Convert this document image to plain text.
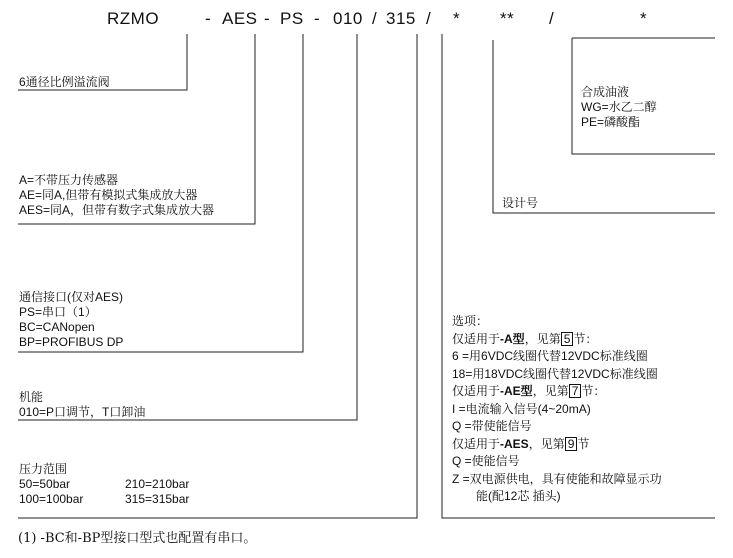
RZMO	- AES - PS - 010 / 315 / * ** /	*
6通径比例溢流阀
A=不带压力传感器
AE=同A,但带有模拟式集成放大器
AES=同A，但带有数字式集成放大器
通信接口(仅对AES)
PS=串口（1）
BC=CANopen
BP=PROFIBUS DP
机能
010=P口调节，T口卸油
压力范围
50=50bar	210=210bar
100=100bar	315=315bar
合成油液
WG=水乙二醇
PE=磷酸酯
设计号
选项：
仅适用于-A型，见第 5 节：
6 =用6VDC线圈代替12VDC标准线圈
18=用18VDC线圈代替12VDC标准线圈
仅适用于-AE型，见第 7 节：
I =电流输入信号(4~20mA)
Q =带使能信号
仅适用于-AES，见第 9 节
Q =使能信号
Z =双电源供电，具有使能和故障显示功
能(配12芯 插头)
(1) -BC和-BP型接口型式也配置有串口。
